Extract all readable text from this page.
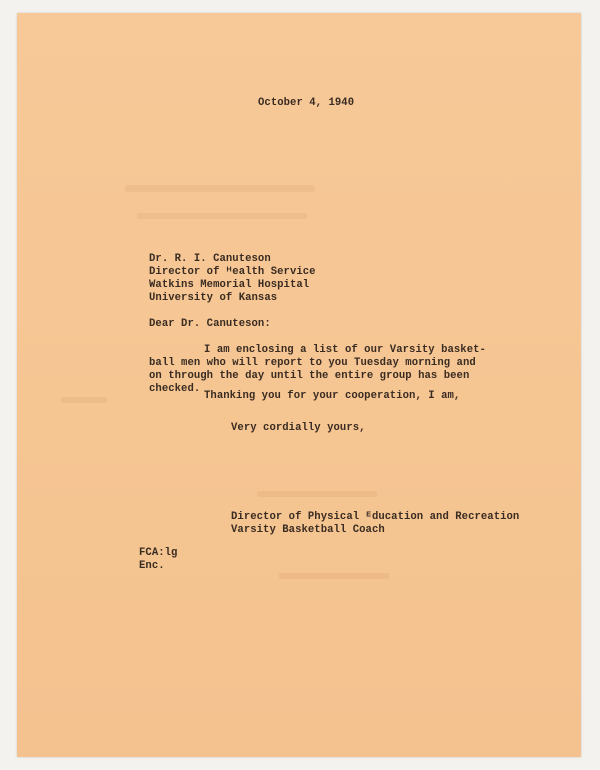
October 4, 1940

Dr. R. I. Canuteson

Director of ᴴealth Service

Watkins Memorial Hospital

University of Kansas

Dear Dr. Canuteson:

I am enclosing a list of our Varsity basket-

ball men who will report to you Tuesday morning and

on through the day until the entire group has been

checked.

Thanking you for your cooperation, I am,

Very cordially yours,

Director of Physical ᴱducation and Recreation

Varsity Basketball Coach

FCA:lg

Enc.
